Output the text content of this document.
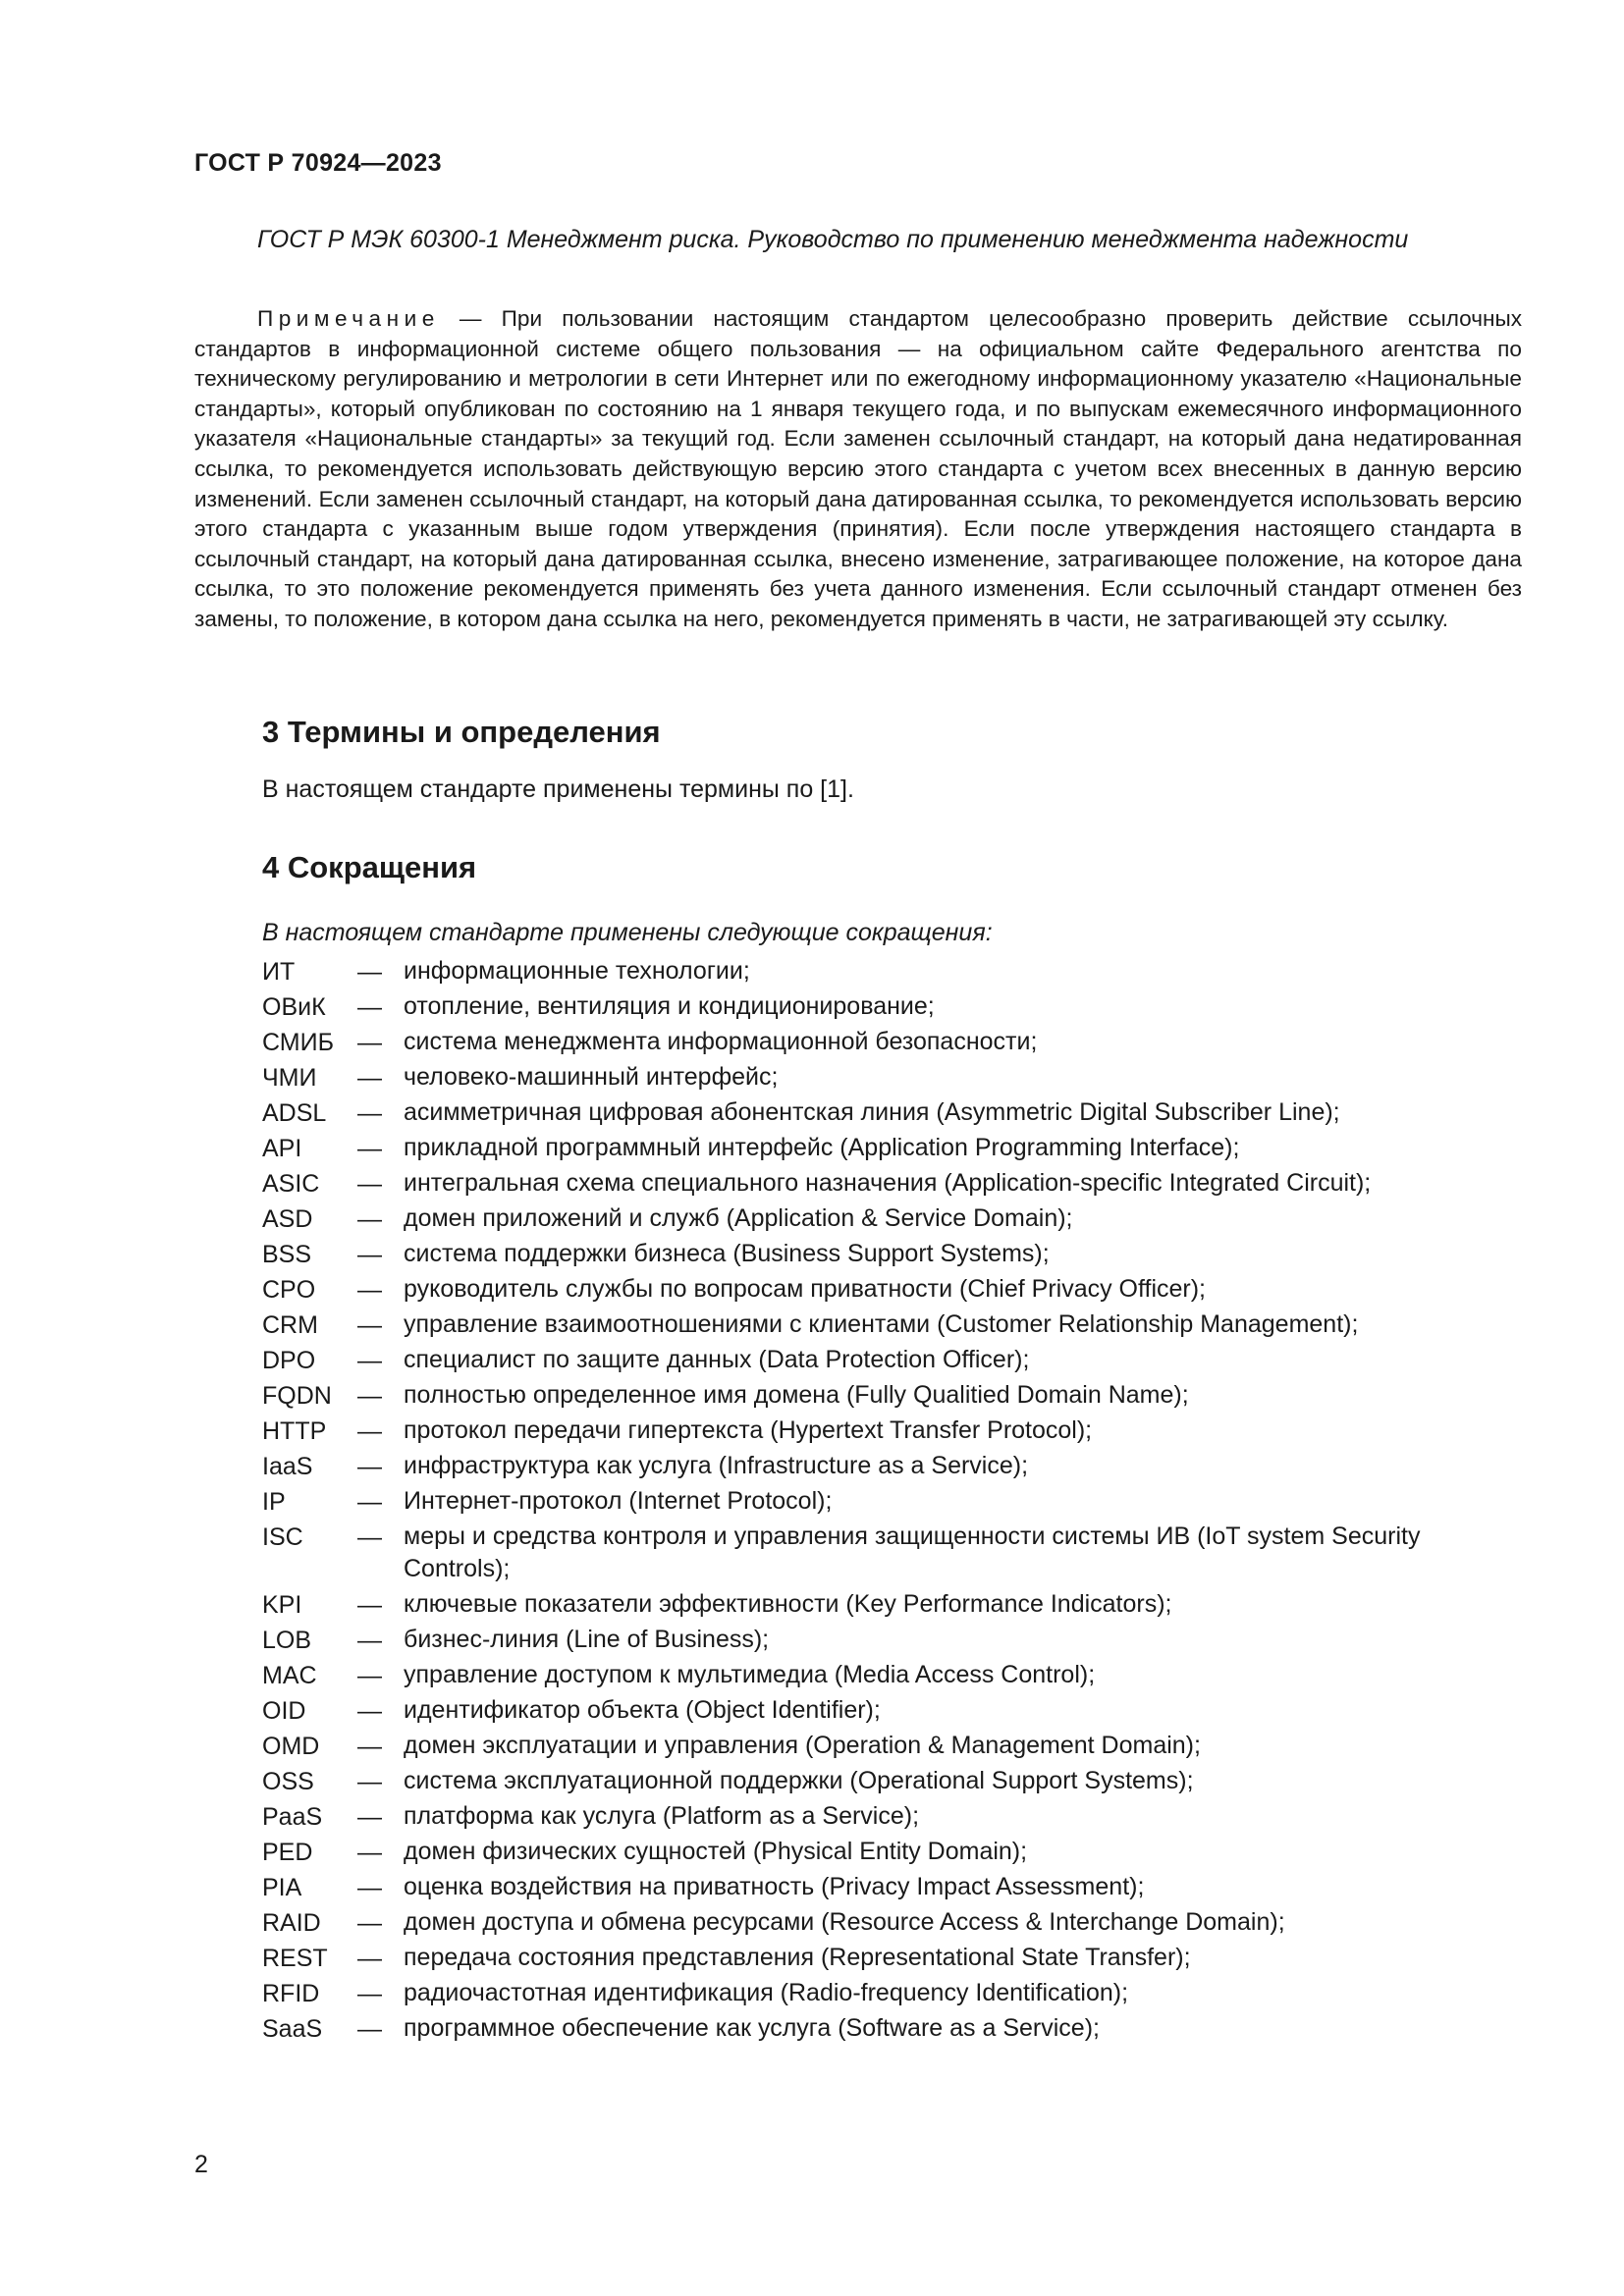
ГОСТ Р 70924—2023

ГОСТ Р МЭК 60300-1 Менеджмент риска. Руководство по применению менеджмента надежности

Примечание — При пользовании настоящим стандартом целесообразно проверить действие ссылочных стандартов в информационной системе общего пользования — на официальном сайте Федерального агентства по техническому регулированию и метрологии в сети Интернет или по ежегодному информационному указателю «Национальные стандарты», который опубликован по состоянию на 1 января текущего года, и по выпускам ежемесячного информационного указателя «Национальные стандарты» за текущий год. Если заменен ссылочный стандарт, на который дана недатированная ссылка, то рекомендуется использовать действующую версию этого стандарта с учетом всех внесенных в данную версию изменений. Если заменен ссылочный стандарт, на который дана датированная ссылка, то рекомендуется использовать версию этого стандарта с указанным выше годом утверждения (принятия). Если после утверждения настоящего стандарта в ссылочный стандарт, на который дана датированная ссылка, внесено изменение, затрагивающее положение, на которое дана ссылка, то это положение рекомендуется применять без учета данного изменения. Если ссылочный стандарт отменен без замены, то положение, в котором дана ссылка на него, рекомендуется применять в части, не затрагивающей эту ссылку.

3 Термины и определения

В настоящем стандарте применены термины по [1].

4 Сокращения

В настоящем стандарте применены следующие сокращения:

ИТ	— информационные технологии;
ОВиК	— отопление, вентиляция и кондиционирование;
СМИБ — система менеджмента информационной безопасности;
ЧМИ	— человеко-машинный интерфейс;
ADSL	— асимметричная цифровая абонентская линия (Asymmetric Digital Subscriber Line);
API	— прикладной программный интерфейс (Application Programming Interface);
ASIC	— интегральная схема специального назначения (Application-specific Integrated Circuit);
ASD	— домен приложений и служб (Application & Service Domain);
BSS	— система поддержки бизнеса (Business Support Systems);
CPO	— руководитель службы по вопросам приватности (Chief Privacy Officer);
CRM	— управление взаимоотношениями с клиентами (Customer Relationship Management);
DPO	— специалист по защите данных (Data Protection Officer);
FQDN	— полностью определенное имя домена (Fully Qualitied Domain Name);
HTTP	— протокол передачи гипертекста (Hypertext Transfer Protocol);
IaaS	— инфраструктура как услуга (Infrastructure as a Service);
IP	— Интернет-протокол (Internet Protocol);
ISC	— меры и средства контроля и управления защищенности системы ИВ (IoT system Security Controls);
KPI	— ключевые показатели эффективности (Key Performance Indicators);
LOB	— бизнес-линия (Line of Business);
MAC	— управление доступом к мультимедиа (Media Access Control);
OID	— идентификатор объекта (Object Identifier);
OMD	— домен эксплуатации и управления (Operation & Management Domain);
OSS	— система эксплуатационной поддержки (Operational Support Systems);
PaaS	— платформа как услуга (Platform as a Service);
PED	— домен физических сущностей (Physical Entity Domain);
PIA	— оценка воздействия на приватность (Privacy Impact Assessment);
RAID	— домен доступа и обмена ресурсами (Resource Access & Interchange Domain);
REST	— передача состояния представления (Representational State Transfer);
RFID	— радиочастотная идентификация (Radio-frequency Identification);
SaaS	— программное обеспечение как услуга (Software as a Service);
2
